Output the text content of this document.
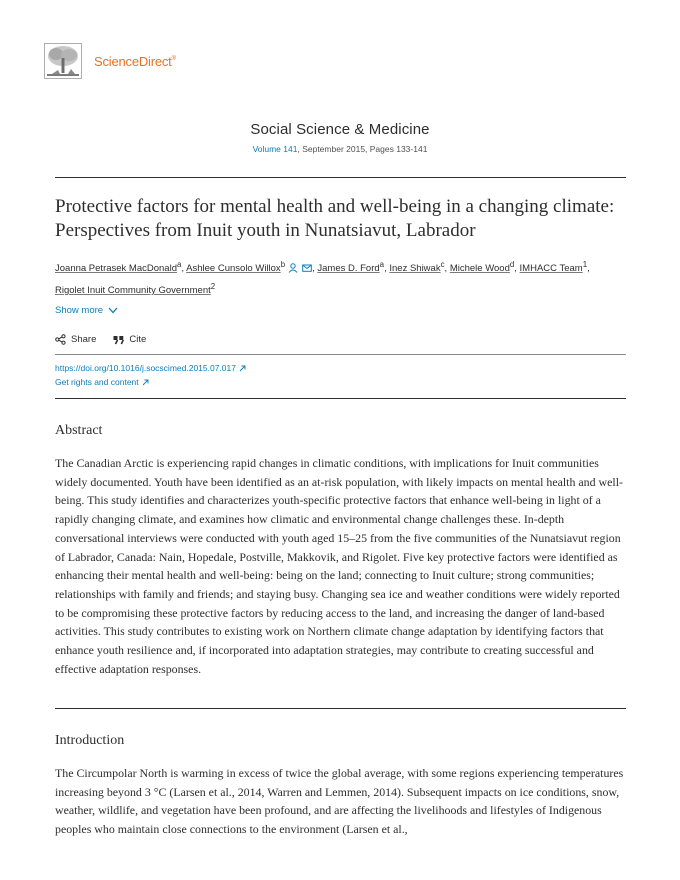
ScienceDirect®
Social Science & Medicine
Volume 141, September 2015, Pages 133-141
Protective factors for mental health and well-being in a changing climate: Perspectives from Inuit youth in Nunatsiavut, Labrador
Joanna Petrasek MacDonald$^a$, Ashlee Cunsolo Willox$^b$	, James D. Ford$^a$, Inez Shiwak$^c$, Michele Wood$^d$, IMHACC Team$^1$, Rigolet Inuit Community Government$^2$
Show more
Share	Cite
https://doi.org/10.1016/j.socscimed.2015.07.017
Get rights and content
Abstract

The Canadian Arctic is experiencing rapid changes in climatic conditions, with implications for Inuit communities widely documented. Youth have been identified as an at-risk population, with likely impacts on mental health and well-being. This study identifies and characterizes youth-specific protective factors that enhance well-being in light of a rapidly changing climate, and examines how climatic and environmental change challenges these. In-depth conversational interviews were conducted with youth aged 15–25 from the five communities of the Nunatsiavut region of Labrador, Canada: Nain, Hopedale, Postville, Makkovik, and Rigolet. Five key protective factors were identified as enhancing their mental health and well-being: being on the land; connecting to Inuit culture; strong communities; relationships with family and friends; and staying busy. Changing sea ice and weather conditions were widely reported to be compromising these protective factors by reducing access to the land, and increasing the danger of land-based activities. This study contributes to existing work on Northern climate change adaptation by identifying factors that enhance youth resilience and, if incorporated into adaptation strategies, may contribute to creating successful and effective adaptation responses.

Introduction

The Circumpolar North is warming in excess of twice the global average, with some regions experiencing temperatures increasing beyond 3 °C (Larsen et al., 2014, Warren and Lemmen, 2014). Subsequent impacts on ice conditions, snow, weather, wildlife, and vegetation have been profound, and are affecting the livelihoods and lifestyles of Indigenous peoples who maintain close connections to the environment (Larsen et al.,
